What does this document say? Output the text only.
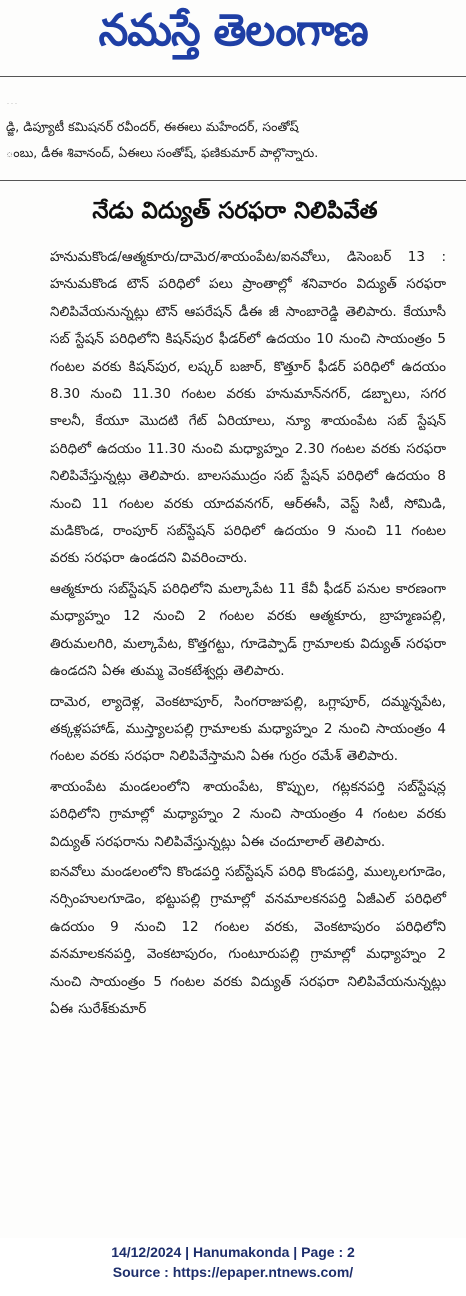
నమస్తే తెలంగాణ
...
డ్జి, డిప్యూటీ కమిషనర్ రవీందర్, ఈఈలు మహేందర్, సంతోష్
ంబు, డీఈ శివానంద్, ఏఈలు సంతోష్, ఫణికుమార్ పాల్గొన్నారు.
నేడు విద్యుత్ సరఫరా నిలిపివేత

హనుమకొండ/ఆత్మకూరు/దామెర/శాయంపేట/ఐనవోలు, డిసెంబర్ 13 : హనుమకొండ టౌన్ పరిధిలో పలు ప్రాంతాల్లో శనివారం విద్యుత్ సరఫరా నిలిపివేయనున్నట్లు టౌన్ ఆపరేషన్ డీఈ జీ సాంబారెడ్డి తెలిపారు. కేయూసీ సబ్ స్టేషన్ పరిధిలోని కిషన్‌పుర ఫీడర్‌లో ఉదయం 10 నుంచి సాయంత్రం 5 గంటల వరకు కిషన్‌పుర, లష్కర్ బజార్, కొత్తూర్ ఫీడర్ పరిధిలో ఉదయం 8.30 నుంచి 11.30 గంటల వరకు హనుమాన్‌నగర్, డబ్బాలు, సగర కాలనీ, కేయూ మొదటి గేట్ ఏరియాలు, న్యూ శాయంపేట సబ్ స్టేషన్ పరిధిలో ఉదయం 11.30 నుంచి మధ్యాహ్నం 2.30 గంటల వరకు సరఫరా నిలిపివేస్తున్నట్లు తెలిపారు. బాలసముద్రం సబ్ స్టేషన్ పరిధిలో ఉదయం 8 నుంచి 11 గంటల వరకు యాదవనగర్, ఆర్‌ఈసీ, వెస్ట్ సిటీ, సోమిడి, మడికొండ, రాంపూర్ సబ్‌స్టేషన్ పరిధిలో ఉదయం 9 నుంచి 11 గంటల వరకు సరఫరా ఉండదని వివరించారు.

ఆత్మకూరు సబ్‌స్టేషన్ పరిధిలోని మల్కాపేట 11 కేవీ ఫీడర్ పనుల కారణంగా మధ్యాహ్నం 12 నుంచి 2 గంటల వరకు ఆత్మకూరు, బ్రాహ్మణపల్లి, తిరుమలగిరి, మల్కాపేట, కొత్తగట్టు, గూడెప్పాడ్ గ్రామాలకు విద్యుత్ సరఫరా ఉండదని ఏఈ తుమ్మ వెంకటేశ్వర్లు తెలిపారు.

దామెర, ల్యాదెళ్ల, వెంకటాపూర్, సింగరాజుపల్లి, ఒగ్లాపూర్, దమ్మన్నపేట, తక్కళ్లపహాడ్, ముస్త్యాలపల్లి గ్రామాలకు మధ్యాహ్నం 2 నుంచి సాయంత్రం 4 గంటల వరకు సరఫరా నిలిపివేస్తామని ఏఈ గుర్రం రమేశ్ తెలిపారు.

శాయంపేట మండలంలోని శాయంపేట, కొప్పుల, గట్లకనపర్తి సబ్‌స్టేషన్ల పరిధిలోని గ్రామాల్లో మధ్యాహ్నం 2 నుంచి సాయంత్రం 4 గంటల వరకు విద్యుత్ సరఫరాను నిలిపివేస్తున్నట్లు ఏఈ చందూలాల్ తెలిపారు.

ఐనవోలు మండలంలోని కొండపర్తి సబ్‌స్టేషన్ పరిధి కొండపర్తి, ముల్కలగూడెం, నర్సింహులగూడెం, భట్టుపల్లి గ్రామాల్లో వనమాలకనపర్తి ఏజీఎల్ పరిధిలో ఉదయం 9 నుంచి 12 గంటల వరకు, వెంకటాపురం పరిధిలోని వనమాలకనపర్తి, వెంకటాపురం, గుంటూరుపల్లి గ్రామాల్లో మధ్యాహ్నం 2 నుంచి సాయంత్రం 5 గంటల వరకు విద్యుత్ సరఫరా నిలిపివేయనున్నట్లు ఏఈ సురేశ్‌కుమార్

14/12/2024 | Hanumakonda | Page : 2
Source : https://epaper.ntnews.com/
